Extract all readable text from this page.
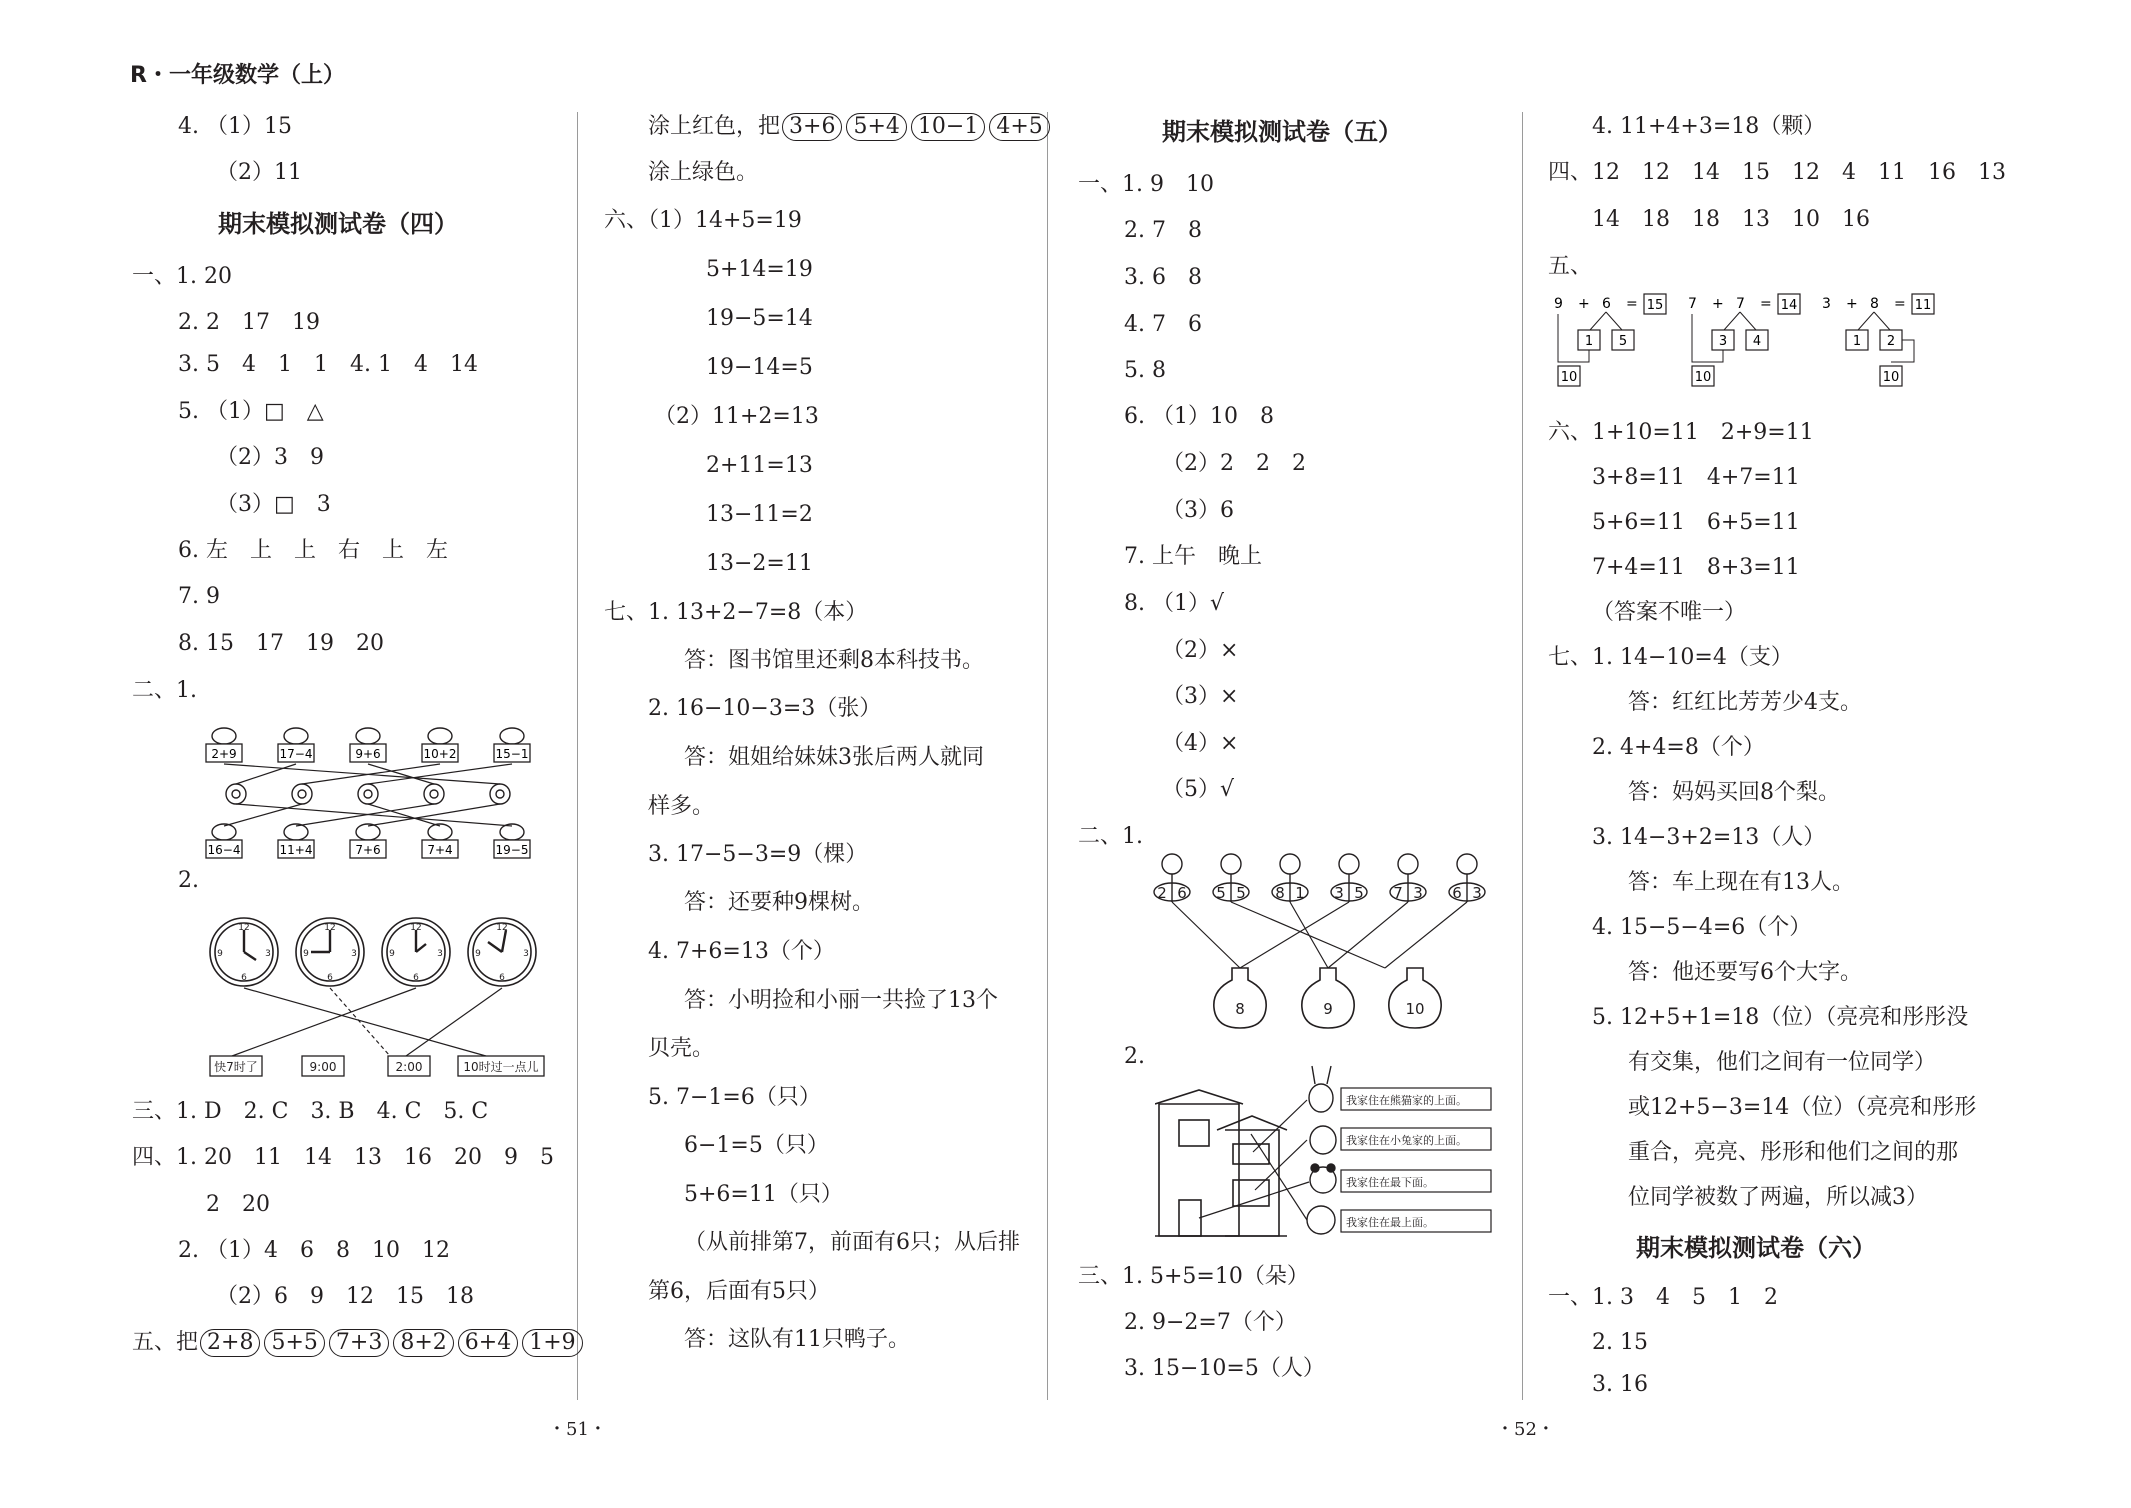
R・一年级数学（上）
4. （1）15
（2）11
期末模拟测试卷（四）
一、1. 20
2. 2　17　19
3. 5　4　1　1　4. 1　4　14
5. （1）□　△
（2）3　9
（3）□　3
6. 左　上　上　右　上　左
7. 9
8. 15　17　19　20
二、1.
2+9	17−4	9+6	10+2	15−1
16−4	11+4	7+6	7+4	19−5
2.
12
3
6
9
12
3
6
9
12
3
6
9
12
3
6
9
快7时了	9:00	2:00	10时过一点儿
三、1. D　2. C　3. B　4. C　5. C
四、1. 20　11　14　13　16　20　9　5
2　20
2. （1）4　6　8　10　12
（2）6　9　12　15　18
五、把 2+8 5+5 7+3 8+2 6+4 1+9
涂上红色，把 3+6 5+4 10−1 4+5
涂上绿色。
六、（1）14+5=19
5+14=19
19−5=14
19−14=5
（2）11+2=13
2+11=13
13−11=2
13−2=11
七、1. 13+2−7=8（本）
答：图书馆里还剩8本科技书。
2. 16−10−3=3（张）
答：姐姐给妹妹3张后两人就同
样多。
3. 17−5−3=9（棵）
答：还要种9棵树。
4. 7+6=13（个）
答：小明捡和小丽一共捡了13个
贝壳。
5. 7−1=6（只）
6−1=5（只）
5+6=11（只）
（从前排第7，前面有6只；从后排
第6，后面有5只）
答：这队有11只鸭子。
期末模拟测试卷（五）
一、1. 9　10
2. 7　8
3. 6　8
4. 7　6
5. 8
6. （1）10　8
（2）2　2　2
（3）6
7. 上午　晚上
8. （1）√
（2）×
（3）×
（4）×
（5）√
二、1.
2 6 5 5 8 1 3 5 7 3 6 3
8	9	10
2.
我家住在熊猫家的上面。
我家住在小兔家的上面。
我家住在最下面。
我家住在最上面。
三、1. 5+5=10（朵）
2. 9−2=7（个）
3. 15−10=5（人）
4. 11+4+3=18（颗）
四、12　12　14　15　12　4　11　16　13
14　18　18　13　10　16
五、
9 + 6 = 15
1 5
10
7 + 7 = 14
3 4
10
3 + 8 = 11
1 2
10
六、1+10=11　2+9=11
3+8=11　4+7=11
5+6=11　6+5=11
7+4=11　8+3=11
（答案不唯一）
七、1. 14−10=4（支）
答：红红比芳芳少4支。
2. 4+4=8（个）
答：妈妈买回8个梨。
3. 14−3+2=13（人）
答：车上现在有13人。
4. 15−5−4=6（个）
答：他还要写6个大字。
5. 12+5+1=18（位）（亮亮和彤彤没
有交集，他们之间有一位同学）
或12+5−3=14（位）（亮亮和彤形
重合，亮亮、彤形和他们之间的那
位同学被数了两遍，所以减3）
期末模拟测试卷（六）
一、1. 3　4　5　1　2
2. 15
3. 16
・51・	・52・
